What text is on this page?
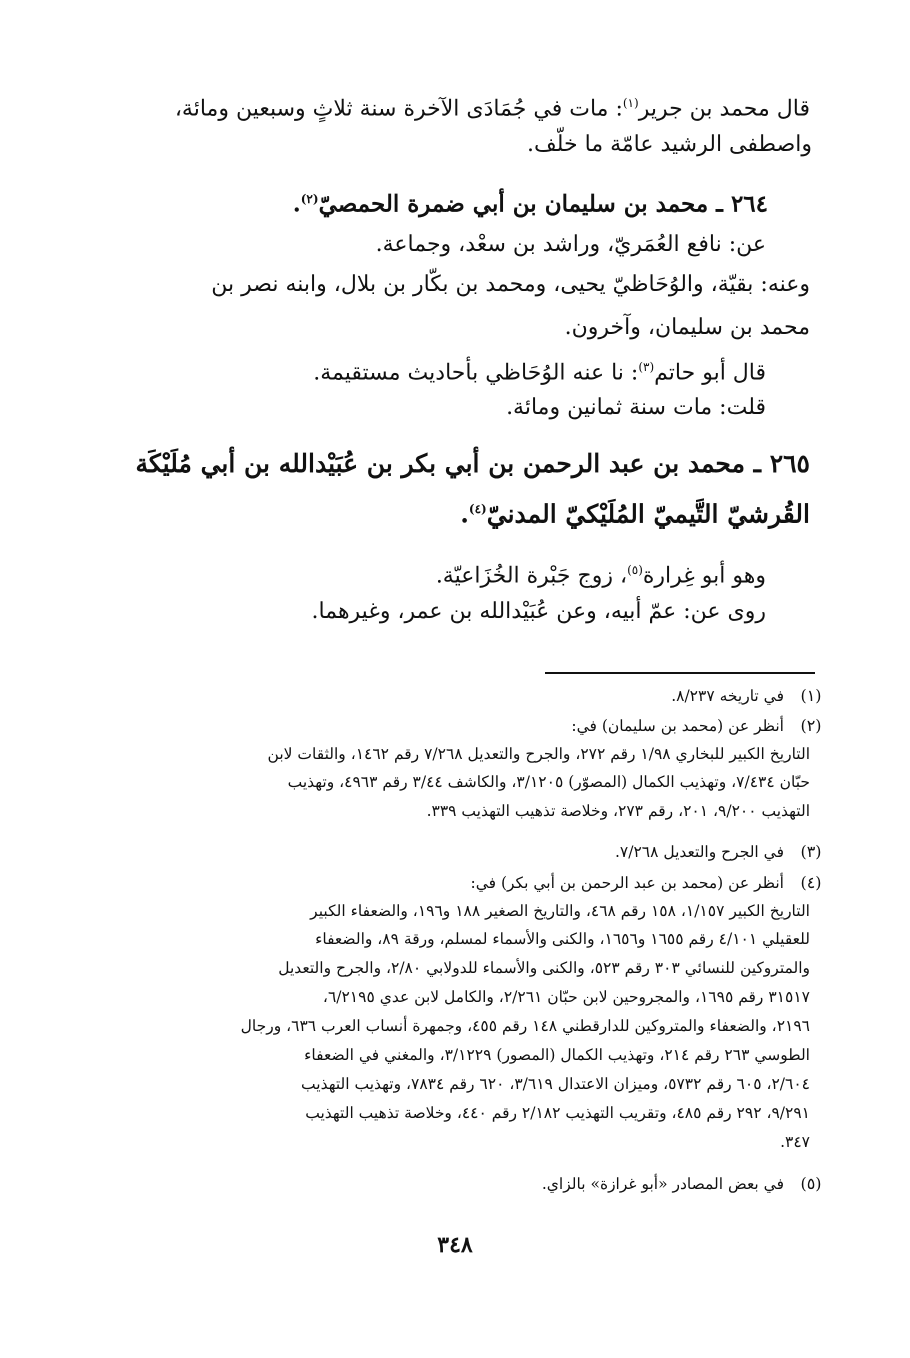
قال محمد بن جرير$^{(١)}$: مات في جُمَادَى الآخرة سنة ثلاثٍ وسبعين ومائة،
واصطفى الرشيد عامّة ما خلّف.
٢٦٤ ـ محمد بن سليمان بن أبي ضمرة الحمصيّ$^{(٢)}$.
عن: نافع العُمَريّ، وراشد بن سعْد، وجماعة.
وعنه: بقيّة، والوُحَاظيّ يحيى، ومحمد بن بكّار بن بلال، وابنه نصر بن
محمد بن سليمان، وآخرون.
قال أبو حاتم$^{(٣)}$: نا عنه الوُحَاظي بأحاديث مستقيمة.
قلت: مات سنة ثمانين ومائة.
٢٦٥ ـ محمد بن عبد الرحمن بن أبي بكر بن عُبَيْدالله بن أبي مُلَيْكَة
القُرشيّ التَّيميّ المُلَيْكيّ المدنيّ$^{(٤)}$.
وهو أبو غِرارة$^{(٥)}$، زوج جَبْرة الخُزَاعيّة.
روى عن: عمّ أبيه، وعن عُبَيْدالله بن عمر، وغيرهما.
(١)
في تاريخه ٨/٢٣٧.
(٢)
أنظر عن (محمد بن سليمان) في:
التاريخ الكبير للبخاري ١/٩٨ رقم ٢٧٢، والجرح والتعديل ٧/٢٦٨ رقم ١٤٦٢، والثقات لابن
حبّان ٧/٤٣٤، وتهذيب الكمال (المصوّر) ٣/١٢٠٥، والكاشف ٣/٤٤ رقم ٤٩٦٣، وتهذيب
التهذيب ٩/٢٠٠، ٢٠١، رقم ٢٧٣، وخلاصة تذهيب التهذيب ٣٣٩.
(٣)
في الجرح والتعديل ٧/٢٦٨.
(٤)
أنظر عن (محمد بن عبد الرحمن بن أبي بكر) في:
التاريخ الكبير ١/١٥٧، ١٥٨ رقم ٤٦٨، والتاريخ الصغير ١٨٨ و١٩٦، والضعفاء الكبير
للعقيلي ٤/١٠١ رقم ١٦٥٥ و١٦٥٦، والكنى والأسماء لمسلم، ورقة ٨٩، والضعفاء
والمتروكين للنسائي ٣٠٣ رقم ٥٢٣، والكنى والأسماء للدولابي ٢/٨٠، والجرح والتعديل
٣١٥١٧ رقم ١٦٩٥، والمجروحين لابن حبّان ٢/٢٦١، والكامل لابن عدي ٦/٢١٩٥،
٢١٩٦، والضعفاء والمتروكين للدارقطني ١٤٨ رقم ٤٥٥، وجمهرة أنساب العرب ٦٣٦، ورجال
الطوسي ٢٦٣ رقم ٢١٤، وتهذيب الكمال (المصور) ٣/١٢٢٩، والمغني في الضعفاء
٢/٦٠٤، ٦٠٥ رقم ٥٧٣٢، وميزان الاعتدال ٣/٦١٩، ٦٢٠ رقم ٧٨٣٤، وتهذيب التهذيب
٩/٢٩١، ٢٩٢ رقم ٤٨٥، وتقريب التهذيب ٢/١٨٢ رقم ٤٤٠، وخلاصة تذهيب التهذيب
٣٤٧.
(٥)
في بعض المصادر «أبو غرازة» بالزاي.
٣٤٨
